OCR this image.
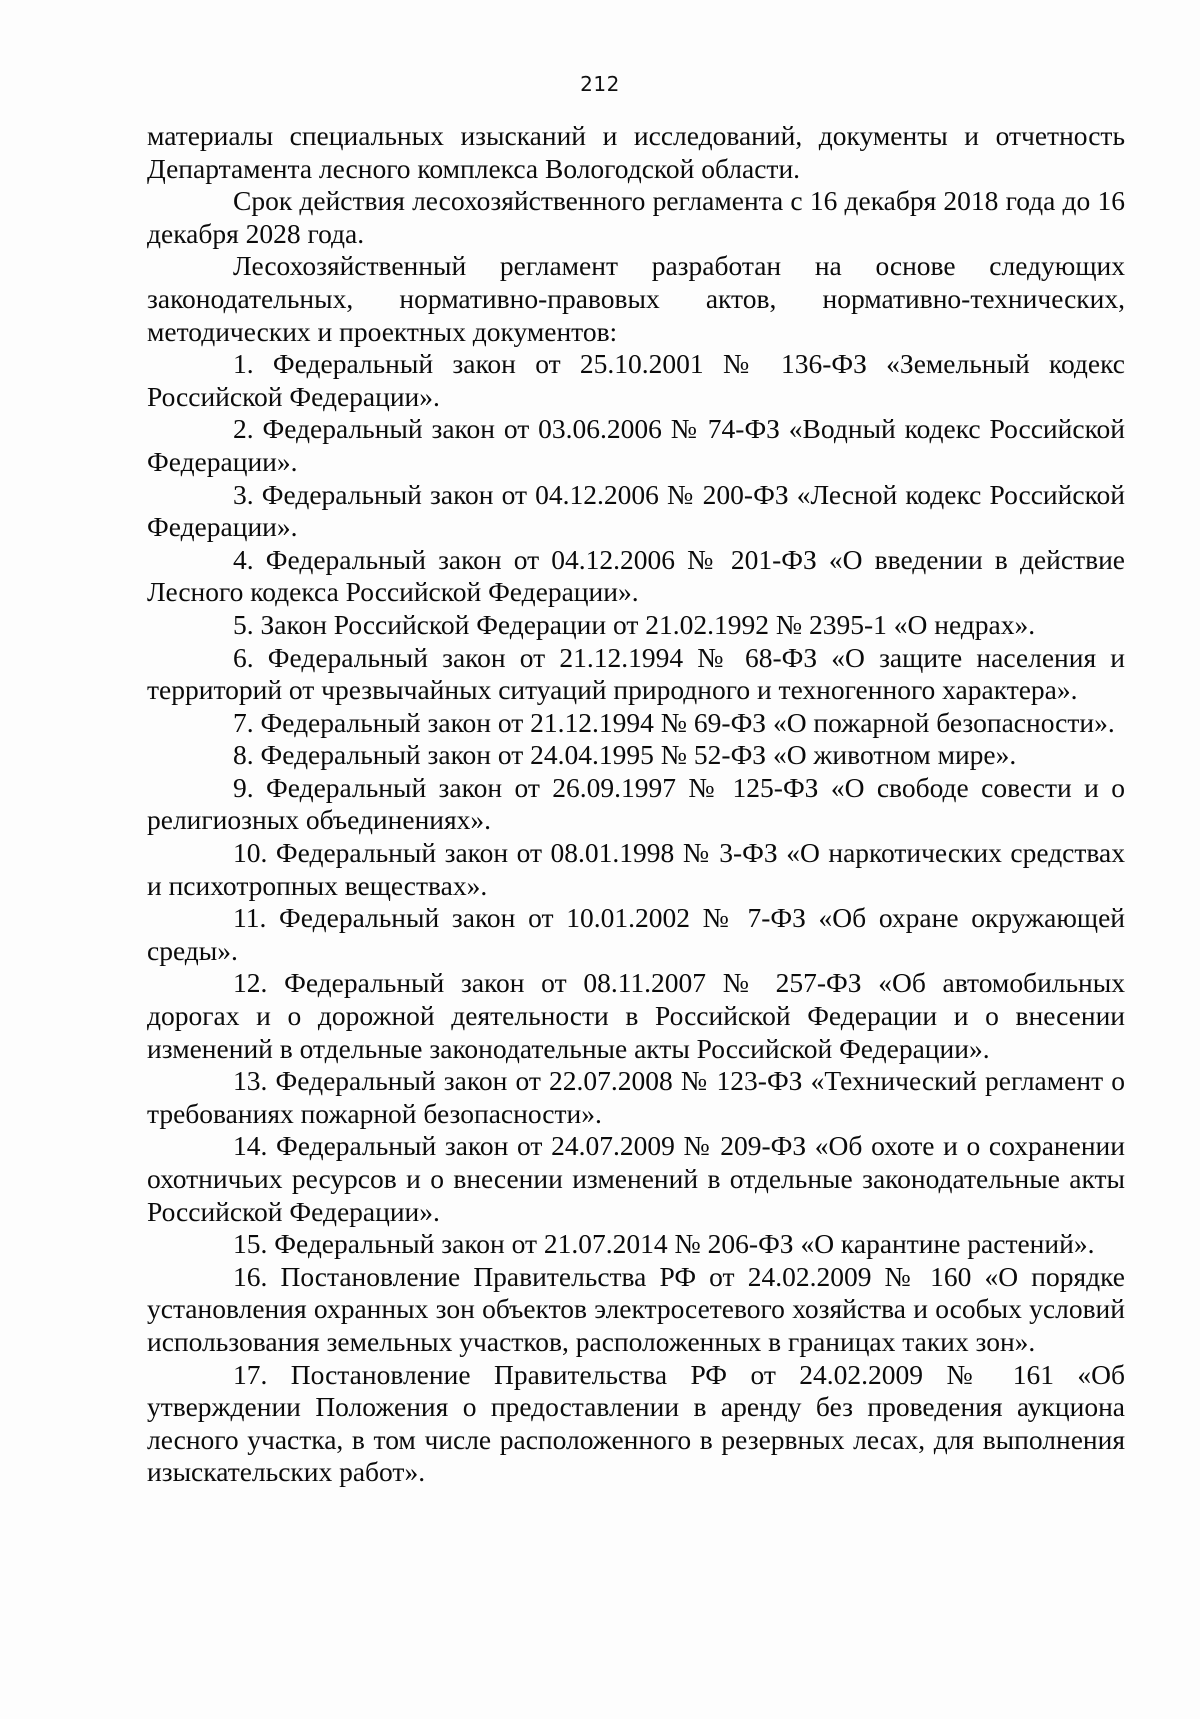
212

материалы специальных изысканий и исследований, документы и отчетность Департамента лесного комплекса Вологодской области.

Срок действия лесохозяйственного регламента с 16 декабря 2018 года до 16 декабря 2028 года.

Лесохозяйственный регламент разработан на основе следующих законодательных, нормативно-правовых актов, нормативно-технических, методических и проектных документов:

1. Федеральный закон от 25.10.2001 № 136-ФЗ «Земельный кодекс Российской Федерации».

2. Федеральный закон от 03.06.2006 № 74-ФЗ «Водный кодекс Российской Федерации».

3. Федеральный закон от 04.12.2006 № 200-ФЗ «Лесной кодекс Российской Федерации».

4. Федеральный закон от 04.12.2006 № 201-ФЗ «О введении в действие Лесного кодекса Российской Федерации».

5. Закон Российской Федерации от 21.02.1992 № 2395-1 «О недрах».

6. Федеральный закон от 21.12.1994 № 68-ФЗ «О защите населения и территорий от чрезвычайных ситуаций природного и техногенного характера».

7. Федеральный закон от 21.12.1994 № 69-ФЗ «О пожарной безопасности».

8. Федеральный закон от 24.04.1995 № 52-ФЗ «О животном мире».

9. Федеральный закон от 26.09.1997 № 125-ФЗ «О свободе совести и о религиозных объединениях».

10. Федеральный закон от 08.01.1998 № 3-ФЗ «О наркотических средствах и психотропных веществах».

11. Федеральный закон от 10.01.2002 № 7-ФЗ «Об охране окружающей среды».

12. Федеральный закон от 08.11.2007 № 257-ФЗ «Об автомобильных дорогах и о дорожной деятельности в Российской Федерации и о внесении изменений в отдельные законодательные акты Российской Федерации».

13. Федеральный закон от 22.07.2008 № 123-ФЗ «Технический регламент о требованиях пожарной безопасности».

14. Федеральный закон от 24.07.2009 № 209-ФЗ «Об охоте и о сохранении охотничьих ресурсов и о внесении изменений в отдельные законодательные акты Российской Федерации».

15. Федеральный закон от 21.07.2014 № 206-ФЗ «О карантине растений».

16. Постановление Правительства РФ от 24.02.2009 № 160 «О порядке установления охранных зон объектов электросетевого хозяйства и особых условий использования земельных участков, расположенных в границах таких зон».

17. Постановление Правительства РФ от 24.02.2009 № 161 «Об утверждении Положения о предоставлении в аренду без проведения аукциона лесного участка, в том числе расположенного в резервных лесах, для выполнения изыскательских работ».
